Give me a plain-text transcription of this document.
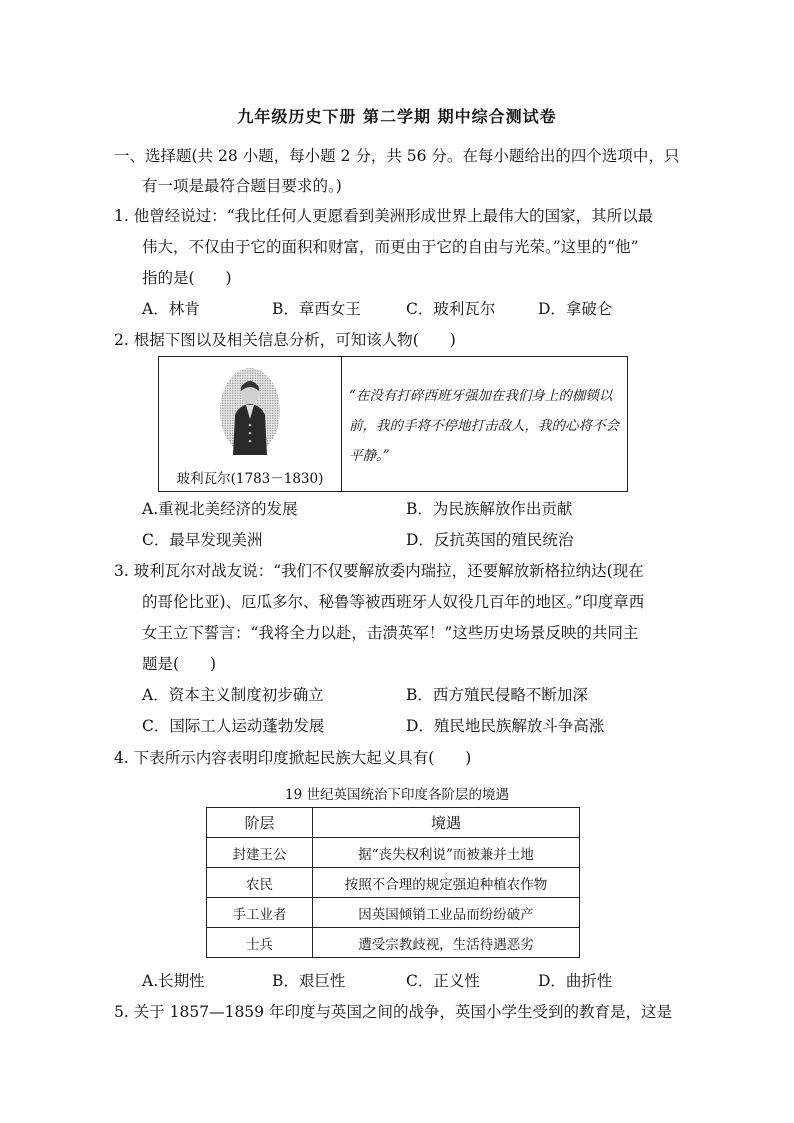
九年级历史下册 第二学期 期中综合测试卷
一、选择题(共 28 小题，每小题 2 分，共 56 分。在每小题给出的四个选项中，只
有一项是最符合题目要求的。)
1. 他曾经说过：“我比任何人更愿看到美洲形成世界上最伟大的国家，其所以最
伟大，不仅由于它的面积和财富，而更由于它的自由与光荣。”这里的“他”
指的是(　　)
A．林肯	B．章西女王	C．玻利瓦尔	D．拿破仑
2. 根据下图以及相关信息分析，可知该人物(　　)
玻利瓦尔(1783－1830)
“在没有打碎西班牙强加在我们身上的枷锁以前，我的手将不停地打击敌人，我的心将不会平静。”
A.重视北美经济的发展	B．为民族解放作出贡献
C．最早发现美洲	D．反抗英国的殖民统治
3. 玻利瓦尔对战友说：“我们不仅要解放委内瑞拉，还要解放新格拉纳达(现在
的哥伦比亚)、厄瓜多尔、秘鲁等被西班牙人奴役几百年的地区。”印度章西
女王立下誓言：“我将全力以赴，击溃英军！”这些历史场景反映的共同主
题是(　　)
A．资本主义制度初步确立	B．西方殖民侵略不断加深
C．国际工人运动蓬勃发展	D．殖民地民族解放斗争高涨
4. 下表所示内容表明印度掀起民族大起义具有(　　)
19 世纪英国统治下印度各阶层的境遇
阶层	境遇
封建王公	据“丧失权利说”而被兼并土地
农民	按照不合理的规定强迫种植农作物
手工业者	因英国倾销工业品而纷纷破产
士兵	遭受宗教歧视，生活待遇恶劣
A.长期性	B．艰巨性	C．正义性	D．曲折性
5. 关于 1857—1859 年印度与英国之间的战争，英国小学生受到的教育是，这是
